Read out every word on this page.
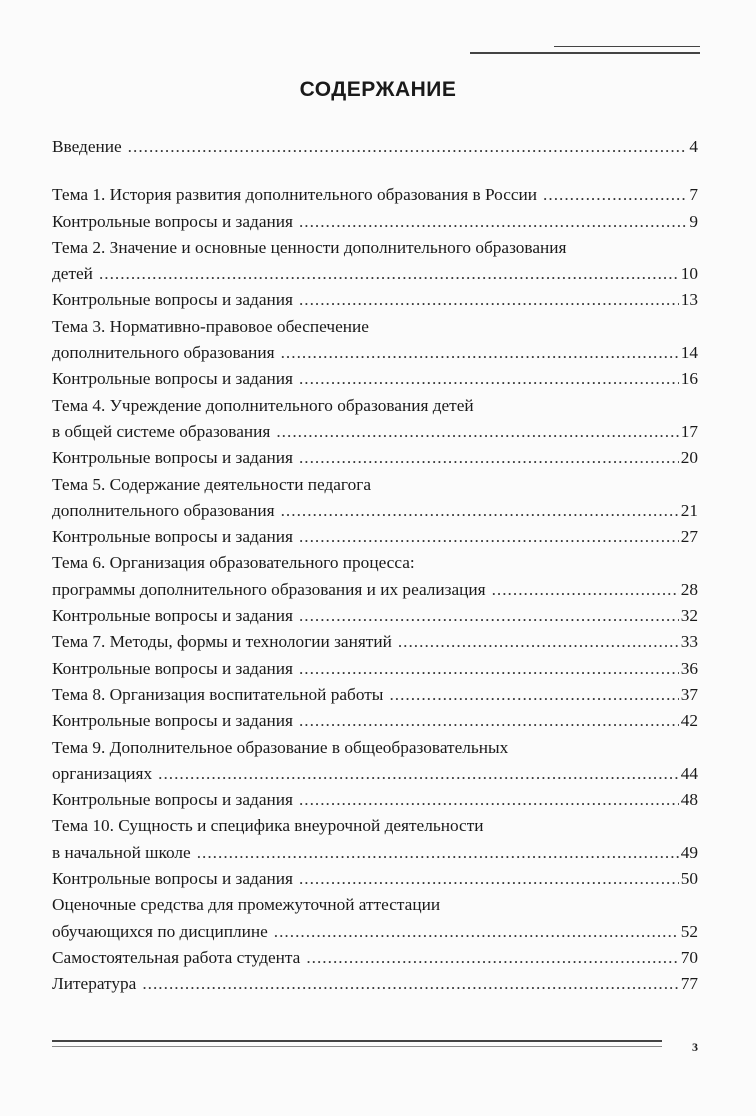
СОДЕРЖАНИЕ
Введение .....	4
Тема 1. История развития дополнительного образования в России .....	7
Контрольные вопросы и задания .....	9
Тема 2. Значение и основные ценности дополнительного образования
детей .....	10
Контрольные вопросы и задания .....	13
Тема 3. Нормативно-правовое обеспечение
дополнительного образования .....	14
Контрольные вопросы и задания .....	16
Тема 4. Учреждение дополнительного образования детей
в общей системе образования .....	17
Контрольные вопросы и задания .....	20
Тема 5. Содержание деятельности педагога
дополнительного образования .....	21
Контрольные вопросы и задания .....	27
Тема 6. Организация образовательного процесса:
программы дополнительного образования и их реализация .....	28
Контрольные вопросы и задания .....	32
Тема 7. Методы, формы и технологии занятий .....	33
Контрольные вопросы и задания .....	36
Тема 8. Организация воспитательной работы .....	37
Контрольные вопросы и задания .....	42
Тема 9. Дополнительное образование в общеобразовательных
организациях .....	44
Контрольные вопросы и задания .....	48
Тема 10. Сущность и специфика внеурочной деятельности
в начальной школе .....	49
Контрольные вопросы и задания .....	50
Оценочные средства для промежуточной аттестации
обучающихся по дисциплине .....	52
Самостоятельная работа студента .....	70
Литература .....	77
3
